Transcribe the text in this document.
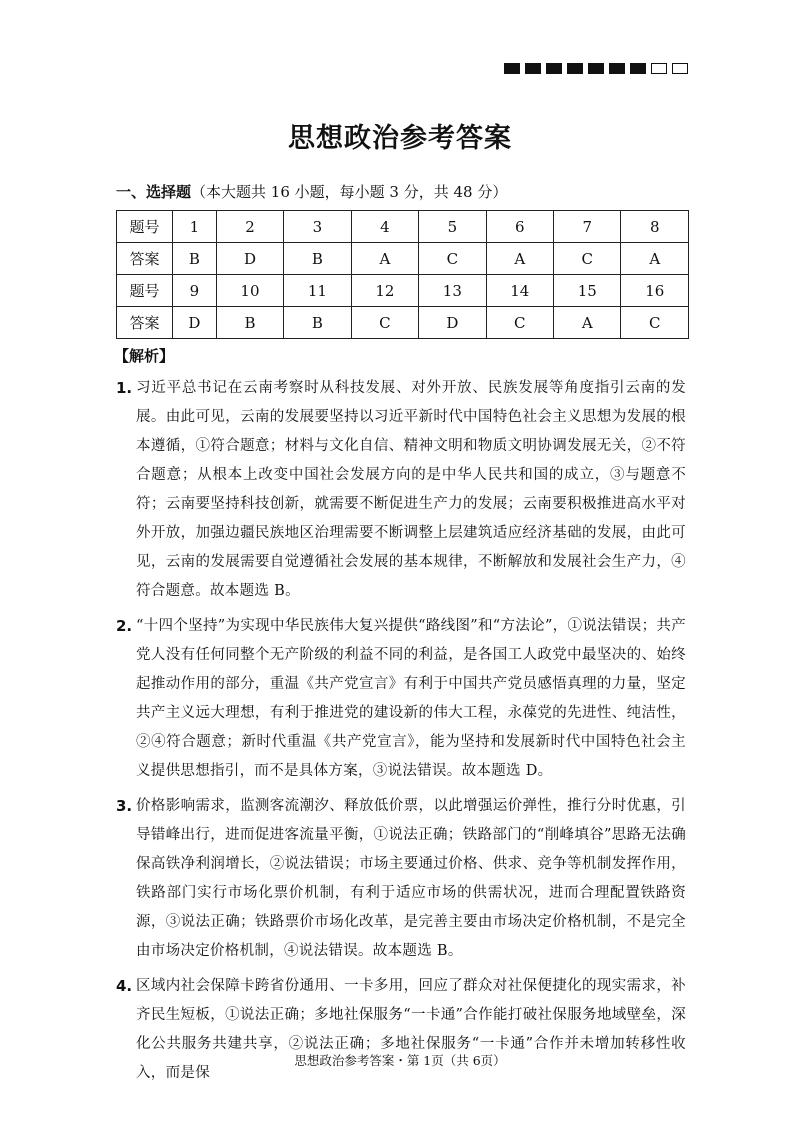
思想政治参考答案
一、选择题（本大题共 16 小题，每小题 3 分，共 48 分）
题号	1	2	3	4	5	6	7	8
答案	B	D	B	A	C	A	C	A
题号	9	10	11	12	13	14	15	16
答案	D	B	B	C	D	C	A	C
【解析】
1. 习近平总书记在云南考察时从科技发展、对外开放、民族发展等角度指引云南的发展。由此可见，云南的发展要坚持以习近平新时代中国特色社会主义思想为发展的根本遵循，①符合题意；材料与文化自信、精神文明和物质文明协调发展无关，②不符合题意；从根本上改变中国社会发展方向的是中华人民共和国的成立，③与题意不符；云南要坚持科技创新，就需要不断促进生产力的发展；云南要积极推进高水平对外开放，加强边疆民族地区治理需要不断调整上层建筑适应经济基础的发展，由此可见，云南的发展需要自觉遵循社会发展的基本规律，不断解放和发展社会生产力，④符合题意。故本题选 B。
2. “十四个坚持”为实现中华民族伟大复兴提供“路线图”和“方法论”，①说法错误；共产党人没有任何同整个无产阶级的利益不同的利益，是各国工人政党中最坚决的、始终起推动作用的部分，重温《共产党宣言》有利于中国共产党员感悟真理的力量，坚定共产主义远大理想，有利于推进党的建设新的伟大工程，永葆党的先进性、纯洁性，②④符合题意；新时代重温《共产党宣言》，能为坚持和发展新时代中国特色社会主义提供思想指引，而不是具体方案，③说法错误。故本题选 D。
3. 价格影响需求，监测客流潮汐、释放低价票，以此增强运价弹性，推行分时优惠，引导错峰出行，进而促进客流量平衡，①说法正确；铁路部门的“削峰填谷”思路无法确保高铁净利润增长，②说法错误；市场主要通过价格、供求、竞争等机制发挥作用，铁路部门实行市场化票价机制，有利于适应市场的供需状况，进而合理配置铁路资源，③说法正确；铁路票价市场化改革，是完善主要由市场决定价格机制，不是完全由市场决定价格机制，④说法错误。故本题选 B。
4. 区域内社会保障卡跨省份通用、一卡多用，回应了群众对社保便捷化的现实需求，补齐民生短板，①说法正确；多地社保服务“一卡通”合作能打破社保服务地域壁垒，深化公共服务共建共享，②说法正确；多地社保服务“一卡通”合作并未增加转移性收入，而是保
思想政治参考答案・第 1页（共 6页）
